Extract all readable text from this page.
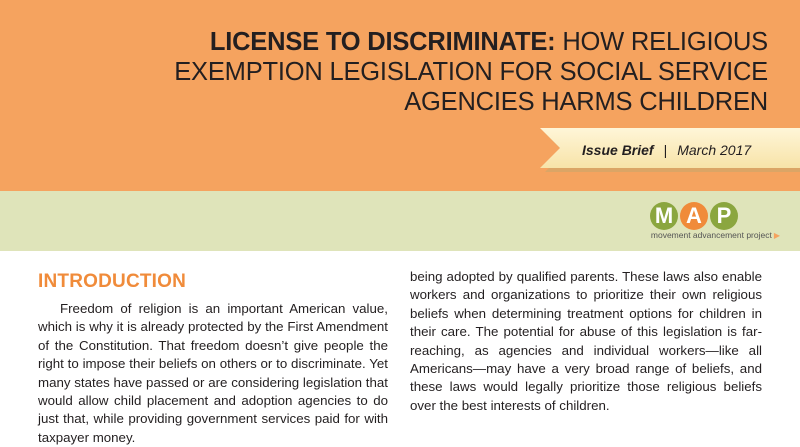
LICENSE TO DISCRIMINATE: HOW RELIGIOUS EXEMPTION LEGISLATION FOR SOCIAL SERVICE AGENCIES HARMS CHILDREN
Issue Brief | March 2017
M A P
movement advancement project ▶
INTRODUCTION

Freedom of religion is an important American value, which is why it is already protected by the First Amendment of the Constitution. That freedom doesn’t give people the right to impose their beliefs on others or to discriminate. Yet many states have passed or are considering legislation that would allow child placement and adoption agencies to do just that, while providing government services paid for with taxpayer money.

being adopted by qualified parents. These laws also enable workers and organizations to prioritize their own religious beliefs when determining treatment options for children in their care. The potential for abuse of this legislation is far-reaching, as agencies and individual workers—like all Americans—may have a very broad range of beliefs, and these laws would legally prioritize those religious beliefs over the best interests of children.
